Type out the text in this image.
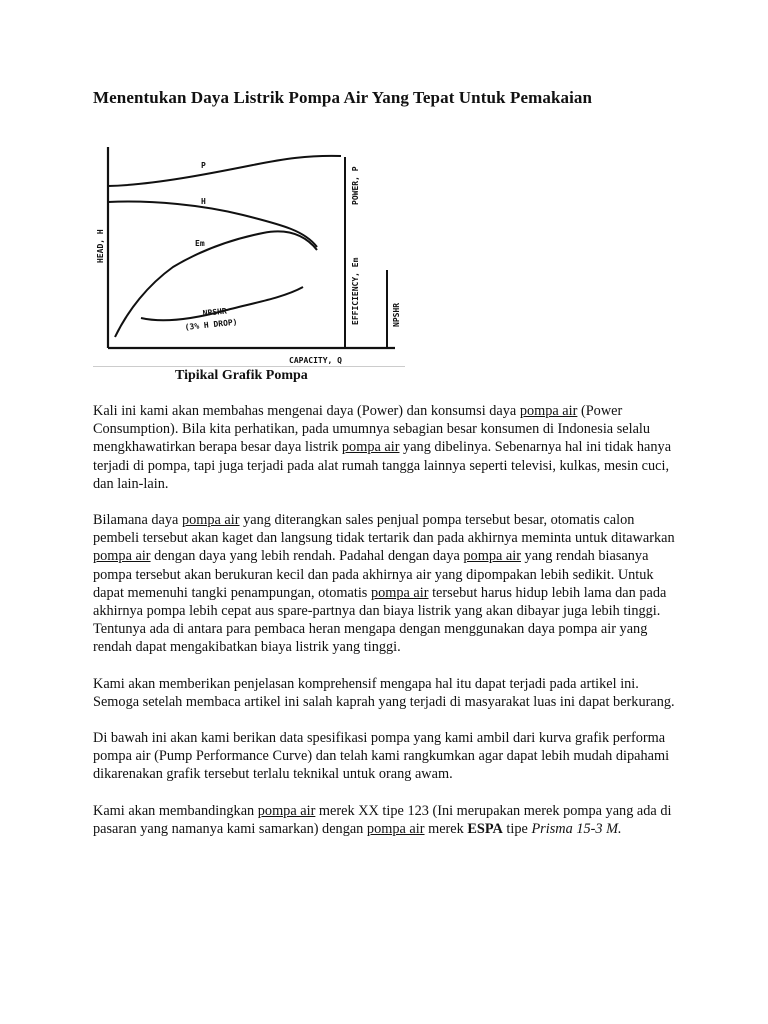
Menentukan Daya Listrik Pompa Air Yang Tepat Untuk Pemakaian
P
H
Em
NPSHR
(3% H DROP)
CAPACITY, Q
HEAD, H
POWER, P
EFFICIENCY, Em	NPSHR
Tipikal Grafik Pompa

Kali ini kami akan membahas mengenai daya (Power) dan konsumsi daya pompa air (Power Consumption). Bila kita perhatikan, pada umumnya sebagian besar konsumen di Indonesia selalu mengkhawatirkan berapa besar daya listrik pompa air yang dibelinya. Sebenarnya hal ini tidak hanya terjadi di pompa, tapi juga terjadi pada alat rumah tangga lainnya seperti televisi, kulkas, mesin cuci, dan lain-lain.

Bilamana daya pompa air yang diterangkan sales penjual pompa tersebut besar, otomatis calon pembeli tersebut akan kaget dan langsung tidak tertarik dan pada akhirnya meminta untuk ditawarkan pompa air dengan daya yang lebih rendah. Padahal dengan daya pompa air yang rendah biasanya pompa tersebut akan berukuran kecil dan pada akhirnya air yang dipompakan lebih sedikit. Untuk dapat memenuhi tangki penampungan, otomatis pompa air tersebut harus hidup lebih lama dan pada akhirnya pompa lebih cepat aus spare-partnya dan biaya listrik yang akan dibayar juga lebih tinggi. Tentunya ada di antara para pembaca heran mengapa dengan menggunakan daya pompa air yang rendah dapat mengakibatkan biaya listrik yang tinggi.

Kami akan memberikan penjelasan komprehensif mengapa hal itu dapat terjadi pada artikel ini. Semoga setelah membaca artikel ini salah kaprah yang terjadi di masyarakat luas ini dapat berkurang.

Di bawah ini akan kami berikan data spesifikasi pompa yang kami ambil dari kurva grafik performa pompa air (Pump Performance Curve) dan telah kami rangkumkan agar dapat lebih mudah dipahami dikarenakan grafik tersebut terlalu teknikal untuk orang awam.

Kami akan membandingkan pompa air merek XX tipe 123 (Ini merupakan merek pompa yang ada di pasaran yang namanya kami samarkan) dengan pompa air merek ESPA tipe Prisma 15-3 M.
